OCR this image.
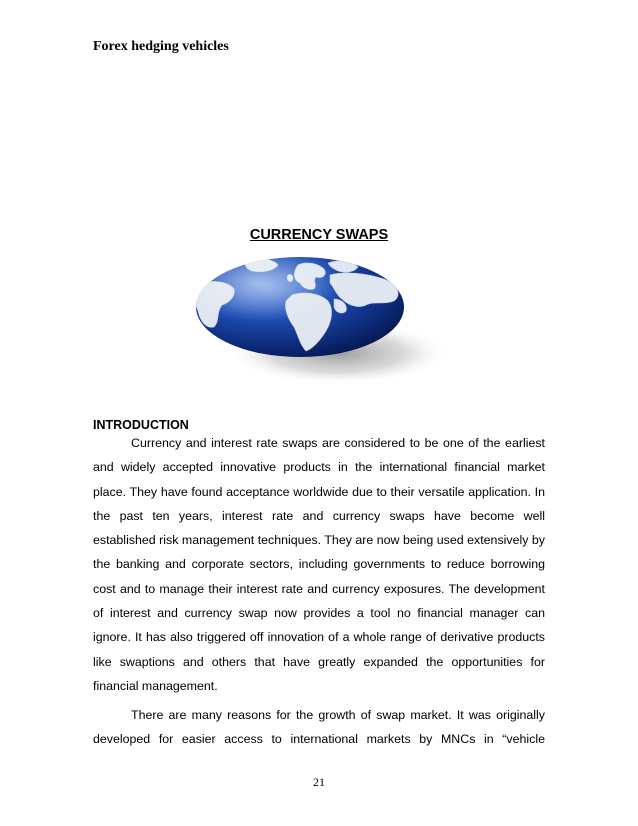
Forex hedging vehicles
CURRENCY SWAPS
INTRODUCTION

Currency and interest rate swaps are considered to be one of the earliest and widely accepted innovative products in the international financial market place. They have found acceptance worldwide due to their versatile application. In the past ten years, interest rate and currency swaps have become well established risk management techniques. They are now being used extensively by the banking and corporate sectors, including governments to reduce borrowing cost and to manage their interest rate and currency exposures. The development of interest and currency swap now provides a tool no financial manager can ignore. It has also triggered off innovation of a whole range of derivative products like swaptions and others that have greatly expanded the opportunities for financial management.

There are many reasons for the growth of swap market. It was originally developed for easier access to international markets by MNCs in “vehicle

21
